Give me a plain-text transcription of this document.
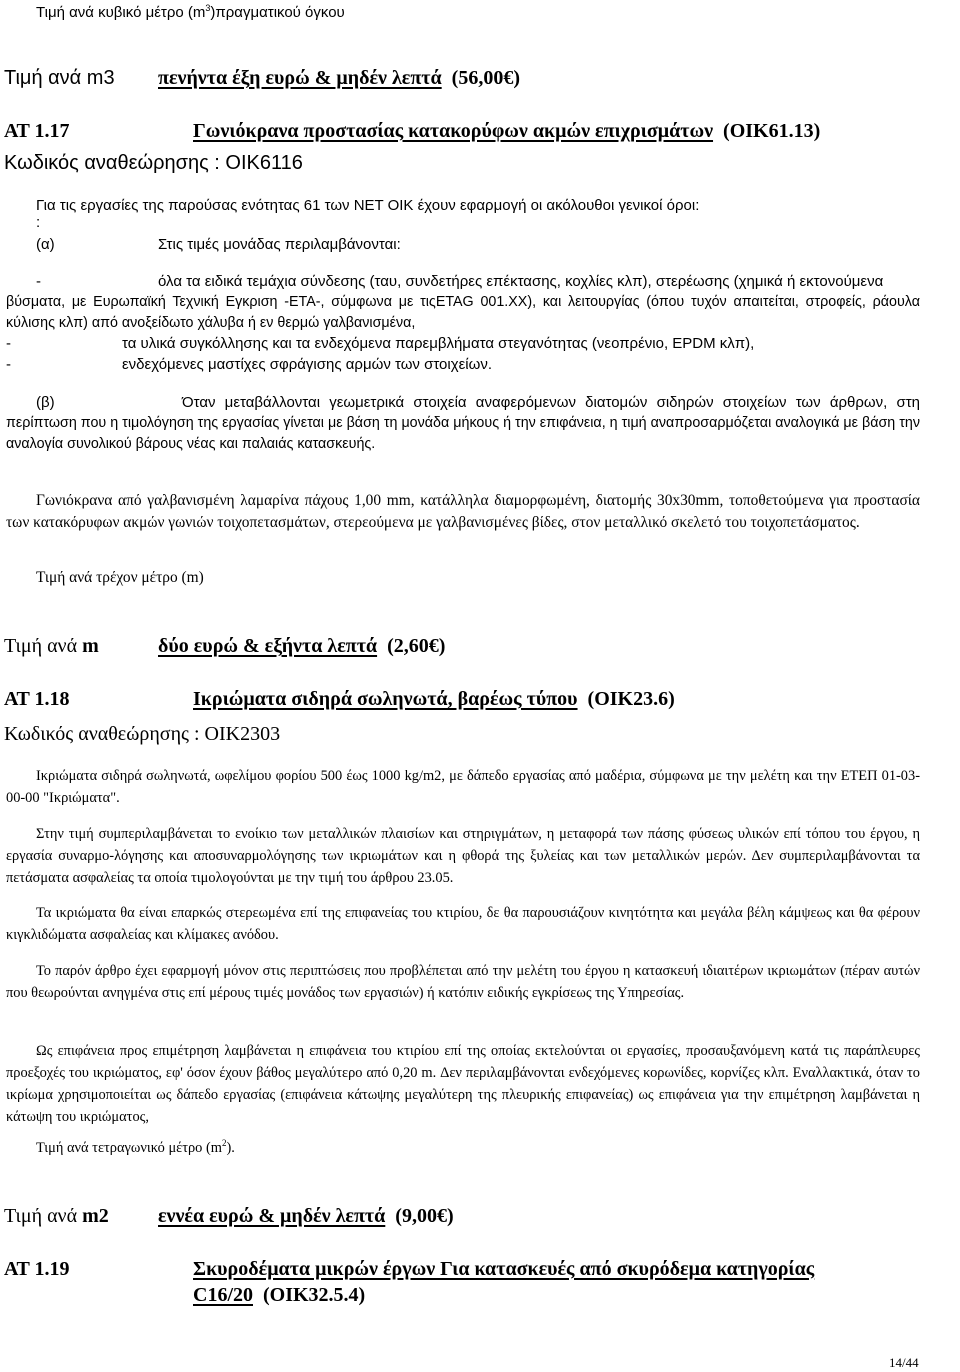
Τιμή ανά κυβικό μέτρο $(m^3)\pi\rho\alpha\gamma\mu\alpha\tau\iota\kappa oύ$ όγκου
Τιμή ανά m3 πενήντα έξη ευρώ & μηδέν λεπτά (56,00€)
ΑΤ 1.17	Γωνιόκρανα προστασίας κατακορύφων ακμών επιχρισμάτων (ΟΙΚ61.13)
Κωδικός αναθεώρησης : ΟΙΚ6116
Για τις εργασίες της παρούσας ενότητας 61 των ΝΕΤ ΟΙΚ έχουν εφαρμογή οι ακόλουθοι γενικοί όροι:
:
(α)	Στις τιμές μονάδας περιλαμβάνονται:
-	όλα τα ειδικά τεμάχια σύνδεσης (ταυ, συνδετήρες επέκτασης, κοχλίες κλπ), στερέωσης (χημικά ή εκτονούμενα
βύσματα, με Ευρωπαϊκή Τεχνική Εγκριση -ΕΤΑ-, σύμφωνα με τιςETAG 001.XX), και λειτουργίας (όπου τυχόν απαιτείται, στροφείς, ράουλα κύλισης κλπ) από ανοξείδωτο χάλυβα ή εν θερμώ γαλβανισμένα,
-	τα υλικά συγκόλλησης και τα ενδεχόμενα παρεμβλήματα στεγανότητας (νεοπρένιο, EPDM κλπ),
-	ενδεχόμενες μαστίχες σφράγισης αρμών των στοιχείων.
(β)	Όταν μεταβάλλονται γεωμετρικά στοιχεία αναφερόμενων διατομών σιδηρών στοιχείων των άρθρων, στη
περίπτωση που η τιμολόγηση της εργασίας γίνεται με βάση τη μονάδα μήκους ή την επιφάνεια, η τιμή αναπροσαρμόζεται αναλογικά με βάση την αναλογία συνολικού βάρους νέας και παλαιάς κατασκευής.
Γωνιόκρανα από γαλβανισμένη λαμαρίνα πάχους 1,00 mm, κατάλληλα διαμορφωμένη, διατομής 30x30mm, τοποθετούμενα για προστασία των κατακόρυφων ακμών γωνιών τοιχοπετασμάτων, στερεούμενα με γαλβανισμένες βίδες, στον μεταλλικό σκελετό του τοιχοπετάσματος.
Τιμή ανά τρέχον μέτρο (m)
Τιμή ανά m	δύο ευρώ & εξήντα λεπτά (2,60€)
ΑΤ 1.18	Ικριώματα σιδηρά σωληνωτά, βαρέως τύπου (ΟΙΚ23.6)
Κωδικός αναθεώρησης : ΟΙΚ2303
Ικριώματα σιδηρά σωληνωτά, ωφελίμου φορίου 500 έως 1000 kg/m2, με δάπεδο εργασίας από μαδέρια, σύμφωνα με την μελέτη και την ΕΤΕΠ 01-03-00-00 "Ικριώματα".
Στην τιμή συμπεριλαμβάνεται το ενοίκιο των μεταλλικών πλαισίων και στηριγμάτων, η μεταφορά των πάσης φύσεως υλικών επί τόπου του έργου, η εργασία συναρμο-λόγησης και αποσυναρμολόγησης των ικριωμάτων και η φθορά της ξυλείας και των μεταλλικών μερών. Δεν συμπεριλαμβάνονται τα πετάσματα ασφαλείας τα οποία τιμολογούνται με την τιμή του άρθρου 23.05.
Τα ικριώματα θα είναι επαρκώς στερεωμένα επί της επιφανείας του κτιρίου, δε θα παρουσιάζουν κινητότητα και μεγάλα βέλη κάμψεως και θα φέρουν κιγκλιδώματα ασφαλείας και κλίμακες ανόδου.
Το παρόν άρθρο έχει εφαρμογή μόνον στις περιπτώσεις που προβλέπεται από την μελέτη του έργου η κατασκευή ιδιαιτέρων ικριωμάτων (πέραν αυτών που θεωρούνται ανηγμένα στις επί μέρους τιμές μονάδος των εργασιών) ή κατόπιν ειδικής εγκρίσεως της Υπηρεσίας.
Ως επιφάνεια προς επιμέτρηση λαμβάνεται η επιφάνεια του κτιρίου επί της οποίας εκτελούνται οι εργασίες, προσαυξανόμενη κατά τις παράπλευρες προεξοχές του ικριώματος, εφ' όσον έχουν βάθος μεγαλύτερο από 0,20 m. Δεν περιλαμβάνονται ενδεχόμενες κορωνίδες, κορνίζες κλπ. Εναλλακτικά, όταν το ικρίωμα χρησιμοποιείται ως δάπεδο εργασίας (επιφάνεια κάτωψης μεγαλύτερη της πλευρικής επιφανείας) ως επιφάνεια για την επιμέτρηση λαμβάνεται η κάτωψη του ικριώματος,
Τιμή ανά τετραγωνικό μέτρο $(m^2)$.
Τιμή ανά m2 εννέα ευρώ & μηδέν λεπτά (9,00€)
ΑΤ 1.19	Σκυροδέματα μικρών έργων Για κατασκευές από σκυρόδεμα κατηγορίας
C16/20 (ΟΙΚ32.5.4)
14/44
